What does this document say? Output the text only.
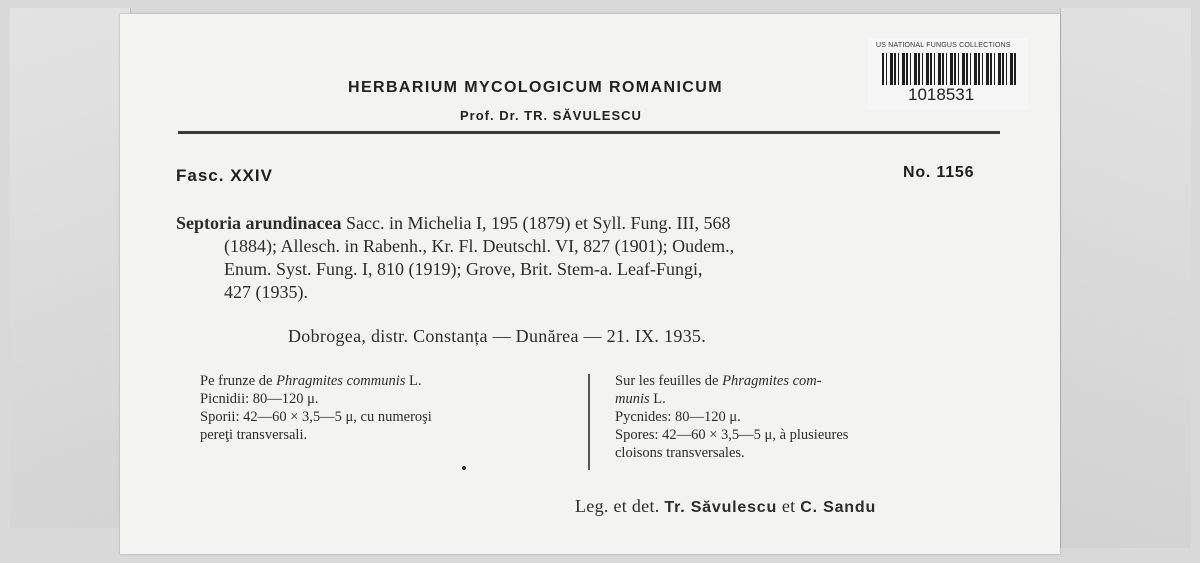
US NATIONAL FUNGUS COLLECTIONS
1018531
HERBARIUM MYCOLOGICUM ROMANICUM
Prof. Dr. TR. SĂVULESCU
Fasc. XXIV	No. 1156
Septoria arundinacea Sacc. in Michelia I, 195 (1879) et Syll. Fung. III, 568
(1884); Allesch. in Rabenh., Kr. Fl. Deutschl. VI, 827 (1901); Oudem.,
Enum. Syst. Fung. I, 810 (1919); Grove, Brit. Stem-a. Leaf-Fungi,
427 (1935).
Dobrogea, distr. Constanța — Dunărea — 21. IX. 1935.
Pe frunze de Phragmites communis L.
Picnidii: 80—120 μ.
Sporii: 42—60 × 3,5—5 μ, cu numeroşi
pereţi transversali.
Sur les feuilles de Phragmites com-
munis L.
Pycnides: 80—120 μ.
Spores: 42—60 × 3,5—5 μ, à plusieures
cloisons transversales.
Leg. et det. Tr. Săvulescu et C. Sandu
